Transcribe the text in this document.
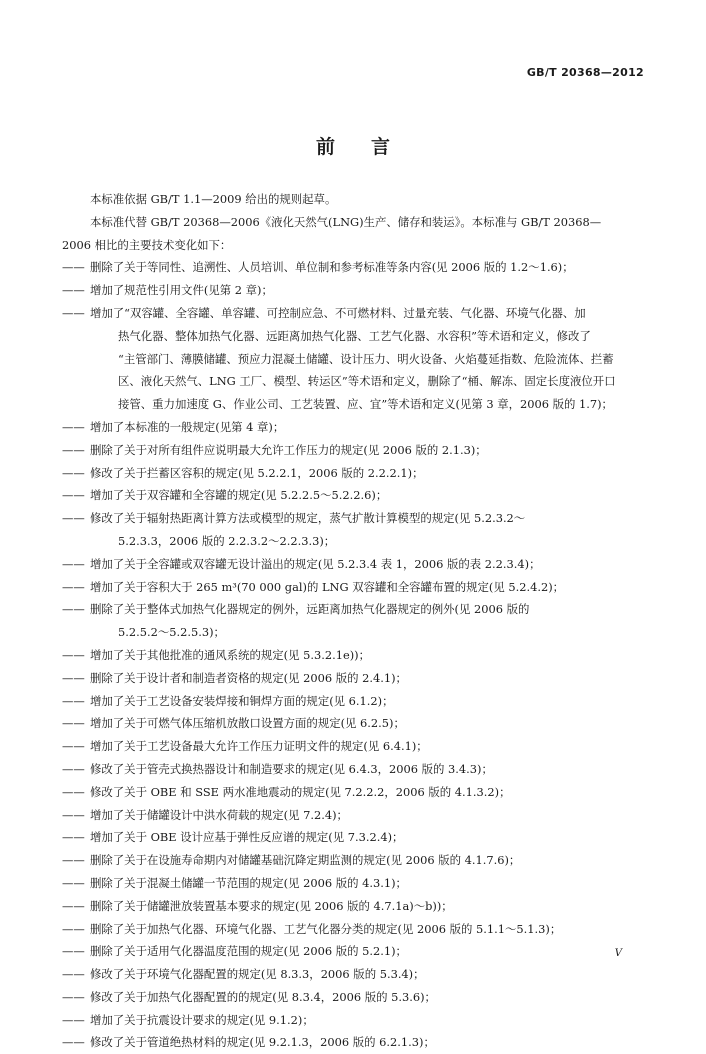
GB/T 20368—2012
前言
本标准依据 GB/T 1.1—2009 给出的规则起草。
本标准代替 GB/T 20368—2006《液化天然气(LNG)生产、储存和装运》。本标准与 GB/T 20368—
2006 相比的主要技术变化如下：
—— 删除了关于等同性、追溯性、人员培训、单位制和参考标准等条内容(见 2006 版的 1.2～1.6)；
—— 增加了规范性引用文件(见第 2 章)；
—— 增加了“双容罐、全容罐、单容罐、可控制应急、不可燃材料、过量充装、气化器、环境气化器、加
热气化器、整体加热气化器、远距离加热气化器、工艺气化器、水容积”等术语和定义，修改了
“主管部门、薄膜储罐、预应力混凝土储罐、设计压力、明火设备、火焰蔓延指数、危险流体、拦蓄
区、液化天然气、LNG 工厂、模型、转运区”等术语和定义，删除了“桶、解冻、固定长度液位开口
接管、重力加速度 G、作业公司、工艺装置、应、宜”等术语和定义(见第 3 章，2006 版的 1.7)；
—— 增加了本标准的一般规定(见第 4 章)；
—— 删除了关于对所有组件应说明最大允许工作压力的规定(见 2006 版的 2.1.3)；
—— 修改了关于拦蓄区容积的规定(见 5.2.2.1，2006 版的 2.2.2.1)；
—— 增加了关于双容罐和全容罐的规定(见 5.2.2.5～5.2.2.6)；
—— 修改了关于辐射热距离计算方法或模型的规定，蒸气扩散计算模型的规定(见 5.2.3.2～
5.2.3.3，2006 版的 2.2.3.2～2.2.3.3)；
—— 增加了关于全容罐或双容罐无设计溢出的规定(见 5.2.3.4 表 1，2006 版的表 2.2.3.4)；
—— 增加了关于容积大于 265 m³(70 000 gal)的 LNG 双容罐和全容罐布置的规定(见 5.2.4.2)；
—— 删除了关于整体式加热气化器规定的例外，远距离加热气化器规定的例外(见 2006 版的
5.2.5.2～5.2.5.3)；
—— 增加了关于其他批准的通风系统的规定(见 5.3.2.1e))；
—— 删除了关于设计者和制造者资格的规定(见 2006 版的 2.4.1)；
—— 增加了关于工艺设备安装焊接和铜焊方面的规定(见 6.1.2)；
—— 增加了关于可燃气体压缩机放散口设置方面的规定(见 6.2.5)；
—— 增加了关于工艺设备最大允许工作压力证明文件的规定(见 6.4.1)；
—— 修改了关于管壳式换热器设计和制造要求的规定(见 6.4.3，2006 版的 3.4.3)；
—— 修改了关于 OBE 和 SSE 两水准地震动的规定(见 7.2.2.2，2006 版的 4.1.3.2)；
—— 增加了关于储罐设计中洪水荷载的规定(见 7.2.4)；
—— 增加了关于 OBE 设计应基于弹性反应谱的规定(见 7.3.2.4)；
—— 删除了关于在设施寿命期内对储罐基础沉降定期监测的规定(见 2006 版的 4.1.7.6)；
—— 删除了关于混凝土储罐一节范围的规定(见 2006 版的 4.3.1)；
—— 删除了关于储罐泄放装置基本要求的规定(见 2006 版的 4.7.1a)～b))；
—— 删除了关于加热气化器、环境气化器、工艺气化器分类的规定(见 2006 版的 5.1.1～5.1.3)；
—— 删除了关于适用气化器温度范围的规定(见 2006 版的 5.2.1)；
—— 修改了关于环境气化器配置的规定(见 8.3.3，2006 版的 5.3.4)；
—— 修改了关于加热气化器配置的的规定(见 8.3.4，2006 版的 5.3.6)；
—— 增加了关于抗震设计要求的规定(见 9.1.2)；
—— 修改了关于管道绝热材料的规定(见 9.2.1.3，2006 版的 6.2.1.3)；
V
